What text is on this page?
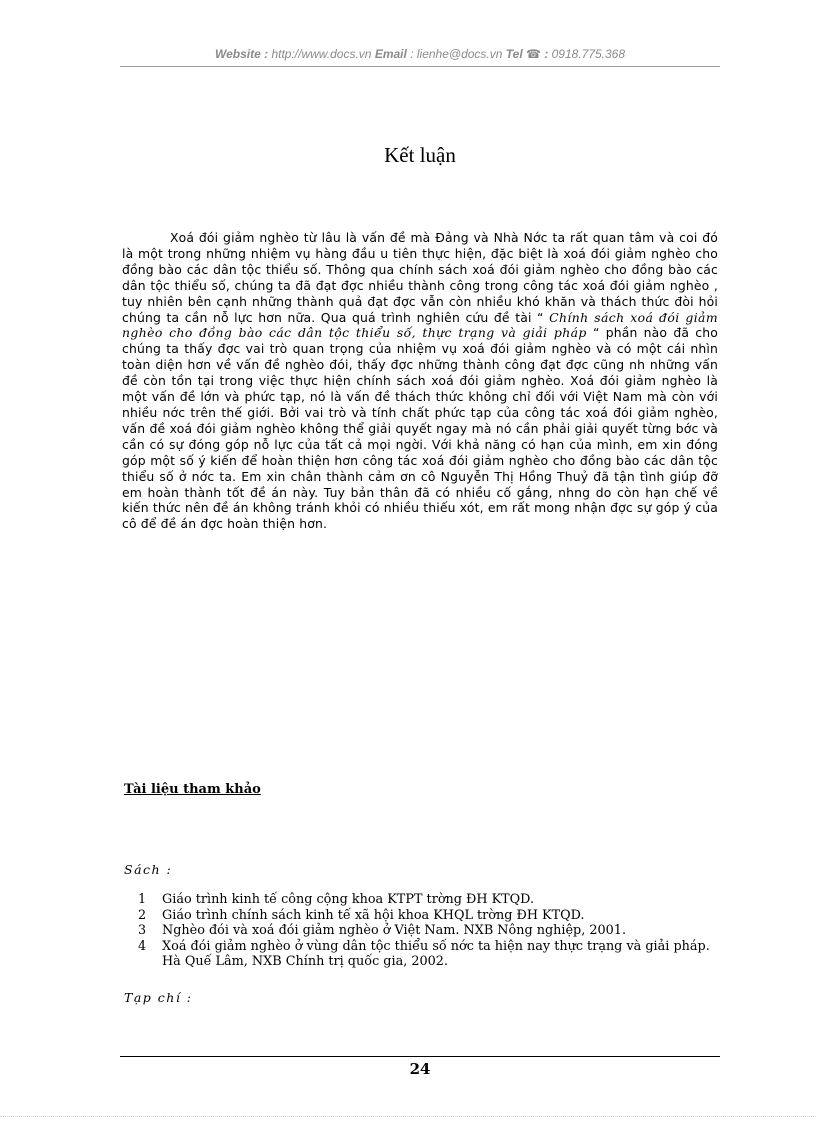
Website : http://www.docs.vn Email : lienhe@docs.vn Tel ☎ : 0918.775.368
Kết luận

Xoá đói giảm nghèo từ lâu là vấn đề mà Đảng và Nhà Nớc ta rất quan tâm và coi đó là một trong những nhiệm vụ hàng đầu u tiên thực hiện, đặc biệt là xoá đói giảm nghèo cho đồng bào các dân tộc thiểu số. Thông qua chính sách xoá đói giảm nghèo cho đồng bào các dân tộc thiểu số, chúng ta đã đạt đợc nhiều thành công trong công tác xoá đói giảm nghèo , tuy nhiên bên cạnh những thành quả đạt đợc vẫn còn nhiều khó khăn và thách thức đòi hỏi chúng ta cần nỗ lực hơn nữa. Qua quá trình nghiên cứu đề tài “ Chính sách xoá đói giảm nghèo cho đồng bào các dân tộc thiểu số, thực trạng và giải pháp “ phần nào đã cho chúng ta thấy đợc vai trò quan trọng của nhiệm vụ xoá đói giảm nghèo và có một cái nhìn toàn diện hơn về vấn đề nghèo đói, thấy đợc những thành công đạt đợc cũng nh những vấn đề còn tồn tại trong việc thực hiện chính sách xoá đói giảm nghèo. Xoá đói giảm nghèo là một vấn đề lớn và phức tạp, nó là vấn đề thách thức không chỉ đối với Việt Nam mà còn với nhiều nớc trên thế giới. Bởi vai trò và tính chất phức tạp của công tác xoá đói giảm nghèo, vấn đề xoá đói giảm nghèo không thể giải quyết ngay mà nó cần phải giải quyết từng bớc và cần có sự đóng góp nỗ lực của tất cả mọi ngời. Với khả năng có hạn của mình, em xin đóng góp một số ý kiến để hoàn thiện hơn công tác xoá đói giảm nghèo cho đồng bào các dân tộc thiểu số ở nớc ta. Em xin chân thành cảm ơn cô Nguyễn Thị Hồng Thuỷ đã tận tình giúp đỡ em hoàn thành tốt đề án này. Tuy bản thân đã có nhiều cố gắng, nhng do còn hạn chế về kiến thức nên đề án không tránh khỏi có nhiều thiếu xót, em rất mong nhận đợc sự góp ý của cô để đề án đợc hoàn thiện hơn.

Tài liệu tham khảo
Sách :
1 Giáo trình kinh tế công cộng khoa KTPT trờng ĐH KTQD.
2 Giáo trình chính sách kinh tế xã hội khoa KHQL trờng ĐH KTQD.
3 Nghèo đói và xoá đói giảm nghèo ở Việt Nam. NXB Nông nghiệp, 2001.
4 Xoá đói giảm nghèo ở vùng dân tộc thiểu số nớc ta hiện nay thực trạng và giải pháp. Hà Quế Lâm, NXB Chính trị quốc gia, 2002.
Tạp chí :
24
